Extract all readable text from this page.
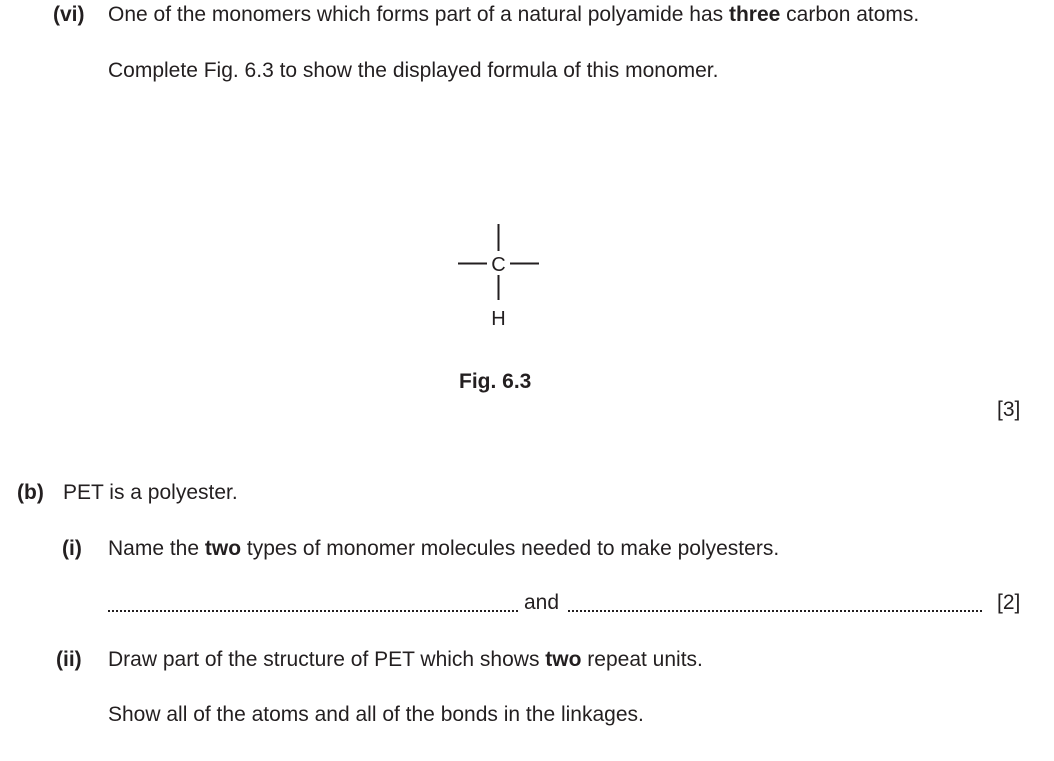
(vi) One of the monomers which forms part of a natural polyamide has three carbon atoms.
Complete Fig. 6.3 to show the displayed formula of this monomer.
C
H
Fig. 6.3
[3]
(b) PET is a polyester.
(i) Name the two types of monomer molecules needed to make polyesters.
and	[2]
(ii) Draw part of the structure of PET which shows two repeat units.
Show all of the atoms and all of the bonds in the linkages.
